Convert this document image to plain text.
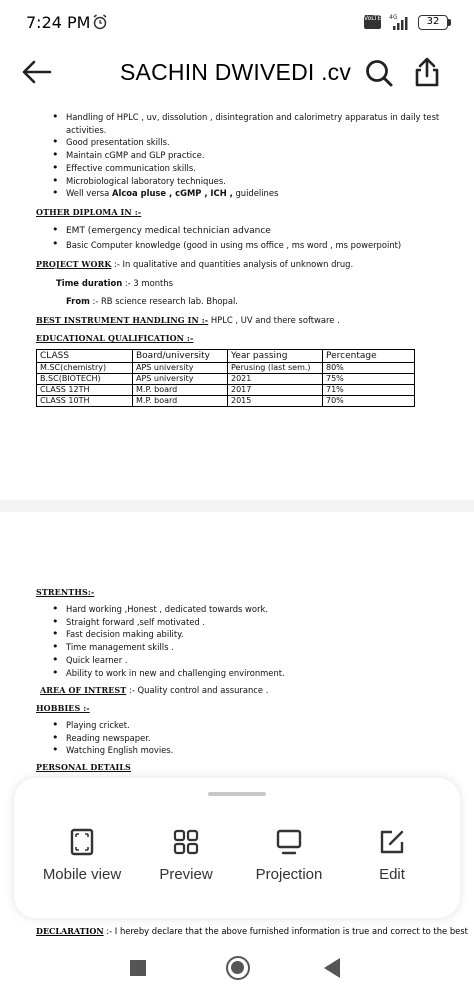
7:24 PM	VoLTE 4G	32
SACHIN DWIVEDI .cv
• Handling of HPLC , uv, dissolution , disintegration and calorimetry apparatus in daily test
activities.
• Good presentation skills.
• Maintain cGMP and GLP practice.
• Effective communication skills.
• Microbiological laboratory techniques.
• Well versa Alcoa pluse , cGMP , ICH , guidelines
OTHER DIPLOMA IN :-
• EMT (emergency medical technician advance
• Basic Computer knowledge (good in using ms office , ms word , ms powerpoint)
PROJECT WORK :- In qualitative and quantities analysis of unknown drug.
Time duration :- 3 months
From :- RB science research lab. Bhopal.
BEST INSTRUMENT HANDLING IN :- HPLC , UV and there software .
EDUCATIONAL QUALIFICATION :-
CLASS	Board/university	Year passing	Percentage
M.SC(chemistry)	APS university	Perusing (last sem.)	80%
B.SC(BIOTECH)	APS university	2021	75%
CLASS 12TH	M.P. board	2017	71%
CLASS 10TH	M.P. board	2015	70%
STRENTHS:-
• Hard working ,Honest , dedicated towards work.
• Straight forward ,self motivated .
• Fast decision making ability.
• Time management skills .
• Quick learner .
• Ability to work in new and challenging environment.
AREA OF INTREST :- Quality control and assurance .
HOBBIES :-
• Playing cricket.
• Reading newspaper.
• Watching English movies.
PERSONAL DETAILS
Mobile view	Preview	Projection	Edit
DECLARATION :- I hereby declare that the above furnished information is true and correct to the best
